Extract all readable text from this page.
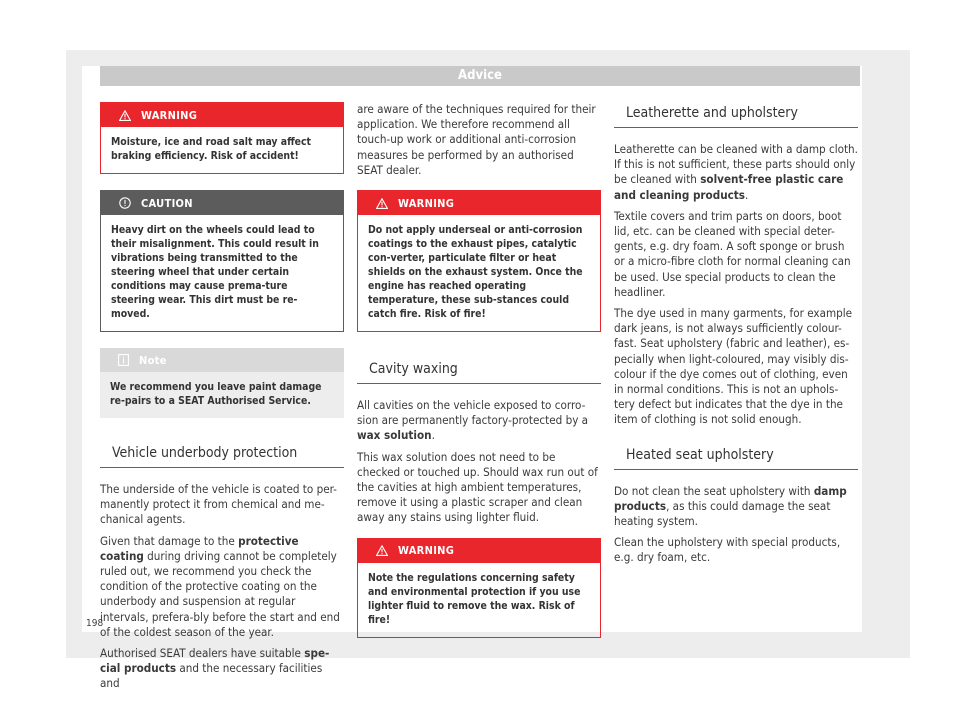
Advice
WARNING
Moisture, ice and road salt may affect braking efficiency. Risk of accident!
CAUTION
Heavy dirt on the wheels could lead to their misalignment. This could result in vibrations being transmitted to the steering wheel that under certain conditions may cause prema-ture steering wear. This dirt must be re-moved.
Note
We recommend you leave paint damage re-pairs to a SEAT Authorised Service.
Vehicle underbody protection

The underside of the vehicle is coated to per-manently protect it from chemical and me-chanical agents.

Given that damage to the protective coating during driving cannot be completely ruled out, we recommend you check the condition of the protective coating on the underbody and suspension at regular intervals, prefera-bly before the start and end of the coldest season of the year.

Authorised SEAT dealers have suitable spe-cial products and the necessary facilities and

are aware of the techniques required for their application. We therefore recommend all touch-up work or additional anti-corrosion measures be performed by an authorised SEAT dealer.

WARNING
Do not apply underseal or anti-corrosion coatings to the exhaust pipes, catalytic con-verter, particulate filter or heat shields on the exhaust system. Once the engine has reached operating temperature, these sub-stances could catch fire. Risk of fire!
Cavity waxing

All cavities on the vehicle exposed to corro-sion are permanently factory-protected by a wax solution.

This wax solution does not need to be checked or touched up. Should wax run out of the cavities at high ambient temperatures, remove it using a plastic scraper and clean away any stains using lighter fluid.

WARNING
Note the regulations concerning safety and environmental protection if you use lighter fluid to remove the wax. Risk of fire!
Leatherette and upholstery

Leatherette can be cleaned with a damp cloth. If this is not sufficient, these parts should only be cleaned with solvent-free plastic care and cleaning products.

Textile covers and trim parts on doors, boot lid, etc. can be cleaned with special deter-gents, e.g. dry foam. A soft sponge or brush or a micro-fibre cloth for normal cleaning can be used. Use special products to clean the headliner.

The dye used in many garments, for example dark jeans, is not always sufficiently colour-fast. Seat upholstery (fabric and leather), es-pecially when light-coloured, may visibly dis-colour if the dye comes out of clothing, even in normal conditions. This is not an uphols-tery defect but indicates that the dye in the item of clothing is not solid enough.

Heated seat upholstery

Do not clean the seat upholstery with damp products, as this could damage the seat heating system.

Clean the upholstery with special products, e.g. dry foam, etc.

198
